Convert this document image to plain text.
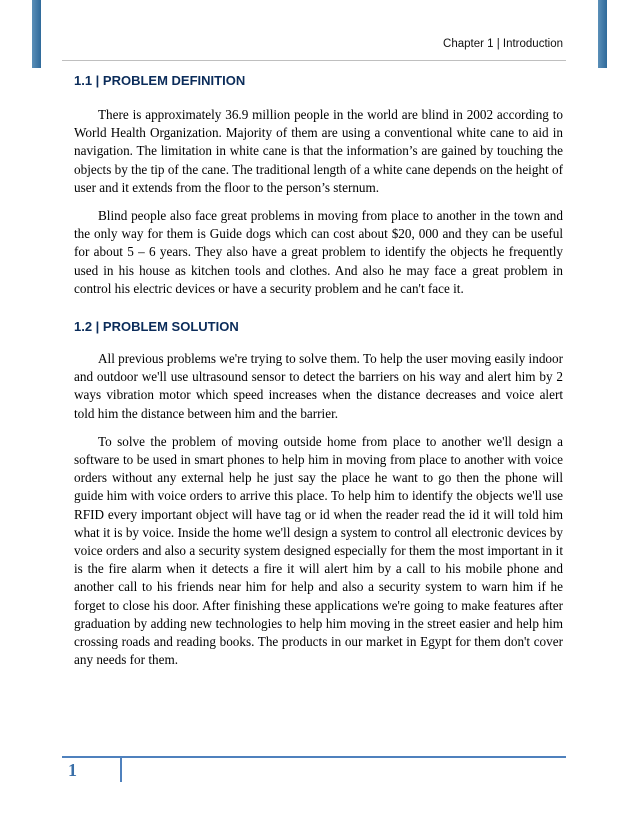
Chapter 1 | Introduction
1.1 | PROBLEM DEFINITION

There is approximately 36.9 million people in the world are blind in 2002 according to World Health Organization. Majority of them are using a conventional white cane to aid in navigation. The limitation in white cane is that the information’s are gained by touching the objects by the tip of the cane. The traditional length of a white cane depends on the height of user and it extends from the floor to the person’s sternum.

Blind people also face great problems in moving from place to another in the town and the only way for them is Guide dogs which can cost about $20, 000 and they can be useful for about 5 – 6 years. They also have a great problem to identify the objects he frequently used in his house as kitchen tools and clothes. And also he may face a great problem in control his electric devices or have a security problem and he can't face it.

1.2 | PROBLEM SOLUTION

All previous problems we're trying to solve them. To help the user moving easily indoor and outdoor we'll use ultrasound sensor to detect the barriers on his way and alert him by 2 ways vibration motor which speed increases when the distance decreases and voice alert told him the distance between him and the barrier.

To solve the problem of moving outside home from place to another we'll design a software to be used in smart phones to help him in moving from place to another with voice orders without any external help he just say the place he want to go then the phone will guide him with voice orders to arrive this place. To help him to identify the objects we'll use RFID every important object will have tag or id when the reader read the id it will told him what it is by voice. Inside the home we'll design a system to control all electronic devices by voice orders and also a security system designed especially for them the most important in it is the fire alarm when it detects a fire it will alert him by a call to his mobile phone and another call to his friends near him for help and also a security system to warn him if he forget to close his door. After finishing these applications we're going to make features after graduation by adding new technologies to help him moving in the street easier and help him crossing roads and reading books. The products in our market in Egypt for them don't cover any needs for them.

1
